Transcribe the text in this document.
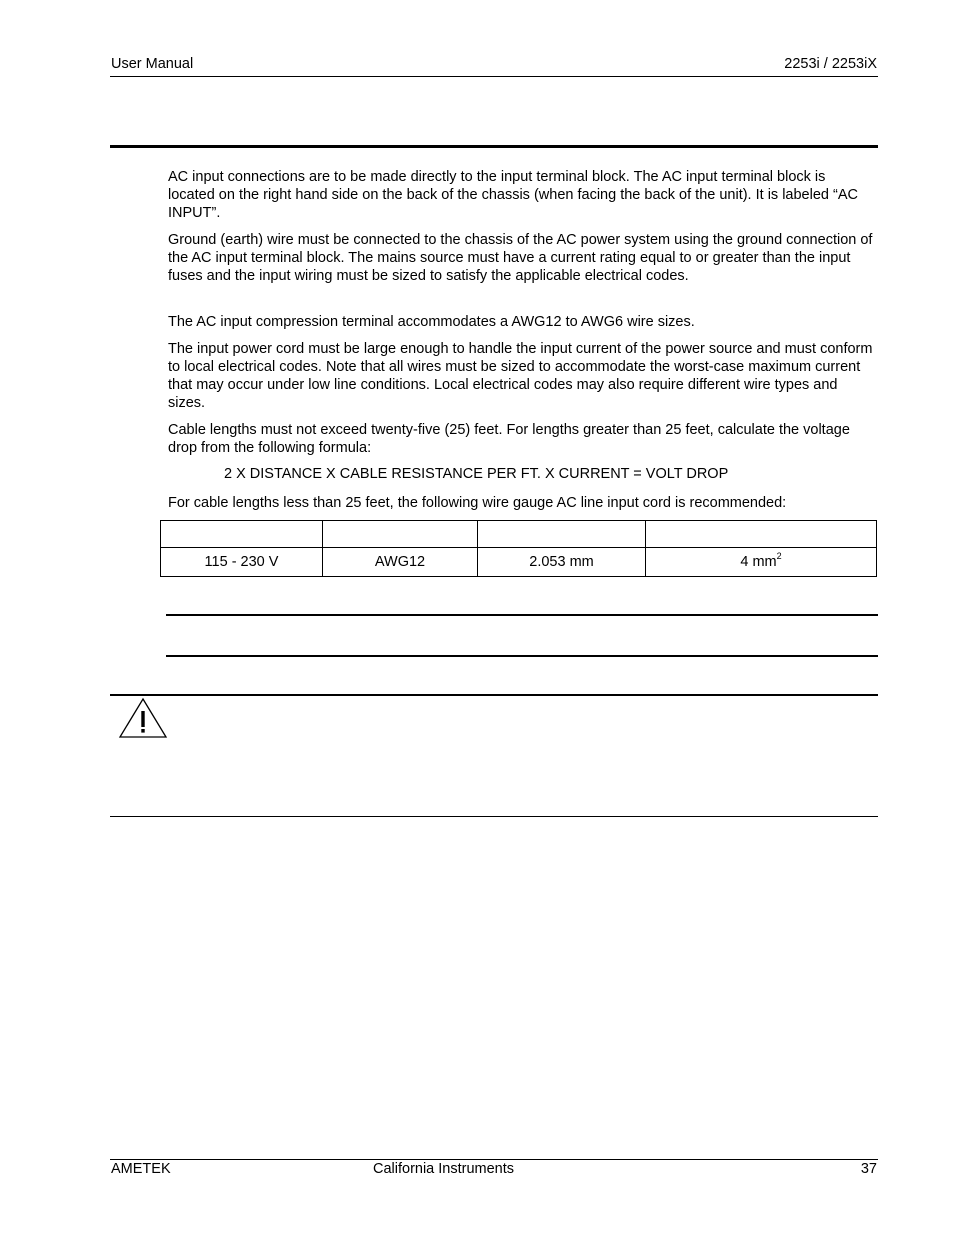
User Manual	2253i / 2253iX

AC input connections are to be made directly to the input terminal block. The AC input terminal block is located on the right hand side on the back of the chassis (when facing the back of the unit). It is labeled “AC INPUT”.

Ground (earth) wire must be connected to the chassis of the AC power system using the ground connection of the AC input terminal block. The mains source must have a current rating equal to or greater than the input fuses and the input wiring must be sized to satisfy the applicable electrical codes.

The AC input compression terminal accommodates a AWG12 to AWG6 wire sizes.

The input power cord must be large enough to handle the input current of the power source and must conform to local electrical codes. Note that all wires must be sized to accommodate the worst-case maximum current that may occur under low line conditions. Local electrical codes may also require different wire types and sizes.

Cable lengths must not exceed twenty-five (25) feet. For lengths greater than 25 feet, calculate the voltage drop from the following formula:

2 X DISTANCE X CABLE RESISTANCE PER FT. X CURRENT = VOLT DROP

For cable lengths less than 25 feet, the following wire gauge AC line input cord is recommended:

115 - 230 V	AWG12	2.053 mm	4 $mm^2$
AMETEK	California Instruments	37
